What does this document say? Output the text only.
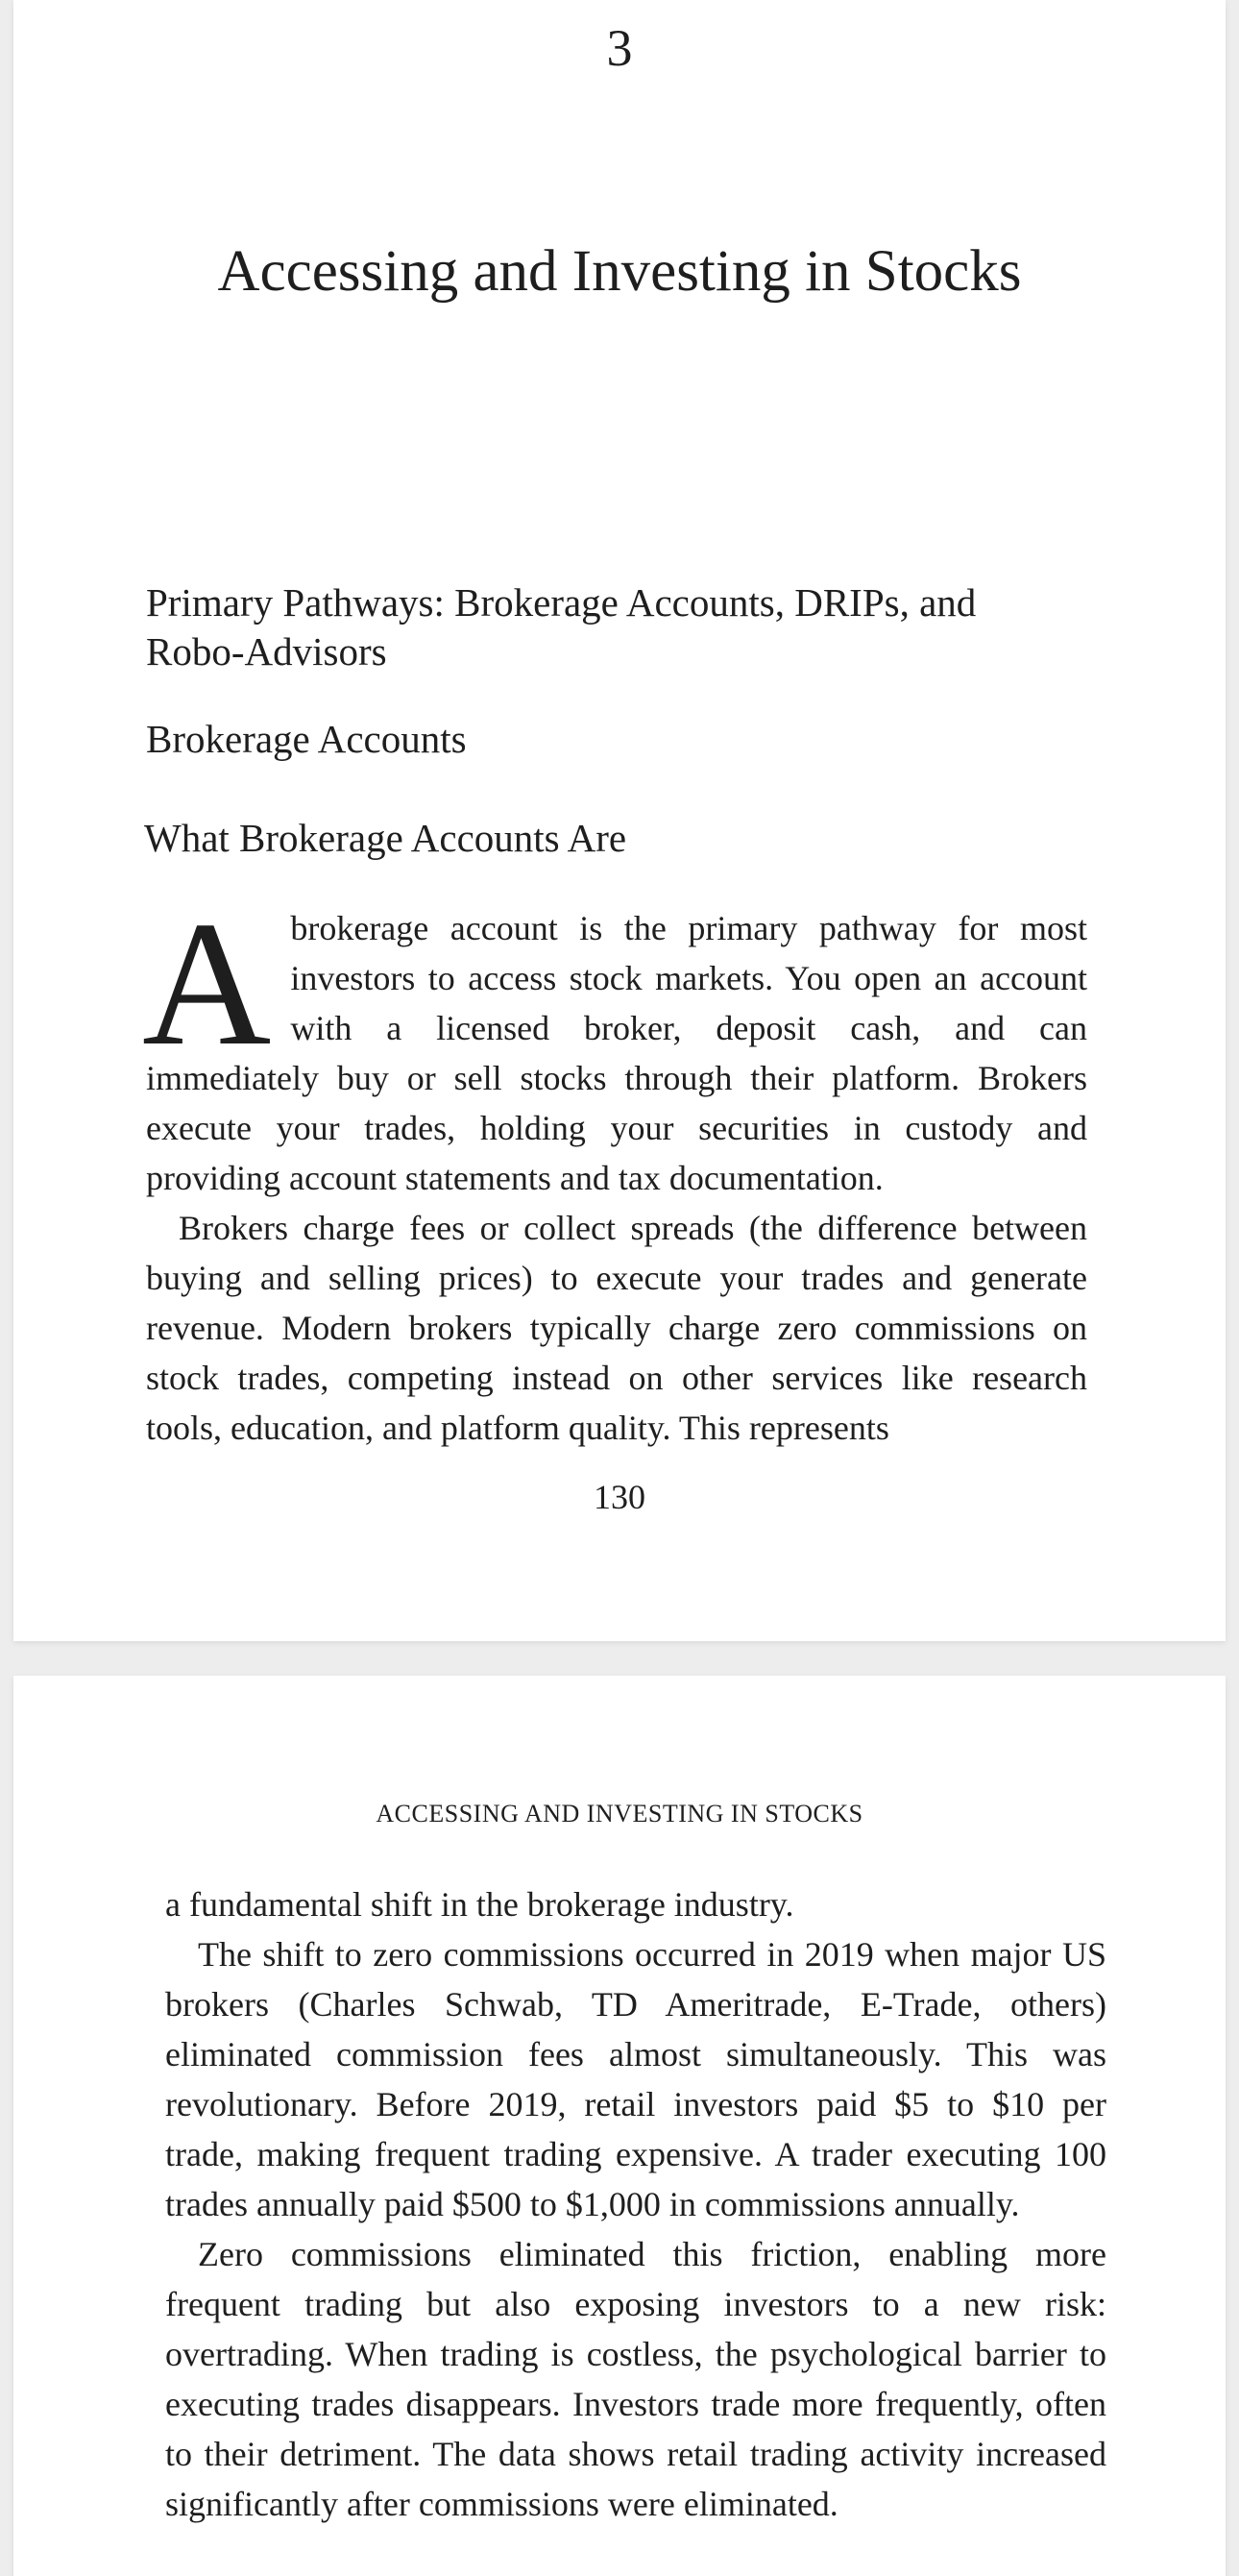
3
Accessing and Investing in Stocks
Primary Pathways: Brokerage Accounts, DRIPs, and Robo-Advisors
Brokerage Accounts
What Brokerage Accounts Are

Abrokerage account is the primary pathway for most investors to access stock markets. You open an account with a licensed broker, deposit cash, and can immediately buy or sell stocks through their platform. Brokers execute your trades, holding your securities in custody and providing account statements and tax documentation.

Brokers charge fees or collect spreads (the difference between buying and selling prices) to execute your trades and generate revenue. Modern brokers typically charge zero commissions on stock trades, competing instead on other services like research tools, education, and platform quality. This represents

130
ACCESSING AND INVESTING IN STOCKS

a fundamental shift in the brokerage industry.

The shift to zero commissions occurred in 2019 when major US brokers (Charles Schwab, TD Ameritrade, E-Trade, others) eliminated commission fees almost simultaneously. This was revolutionary. Before 2019, retail investors paid $5 to $10 per trade, making frequent trading expensive. A trader executing 100 trades annually paid $500 to $1,000 in commissions annually.

Zero commissions eliminated this friction, enabling more frequent trading but also exposing investors to a new risk: overtrading. When trading is costless, the psychological barrier to executing trades disappears. Investors trade more frequently, often to their detriment. The data shows retail trading activity increased significantly after commissions were eliminated.
